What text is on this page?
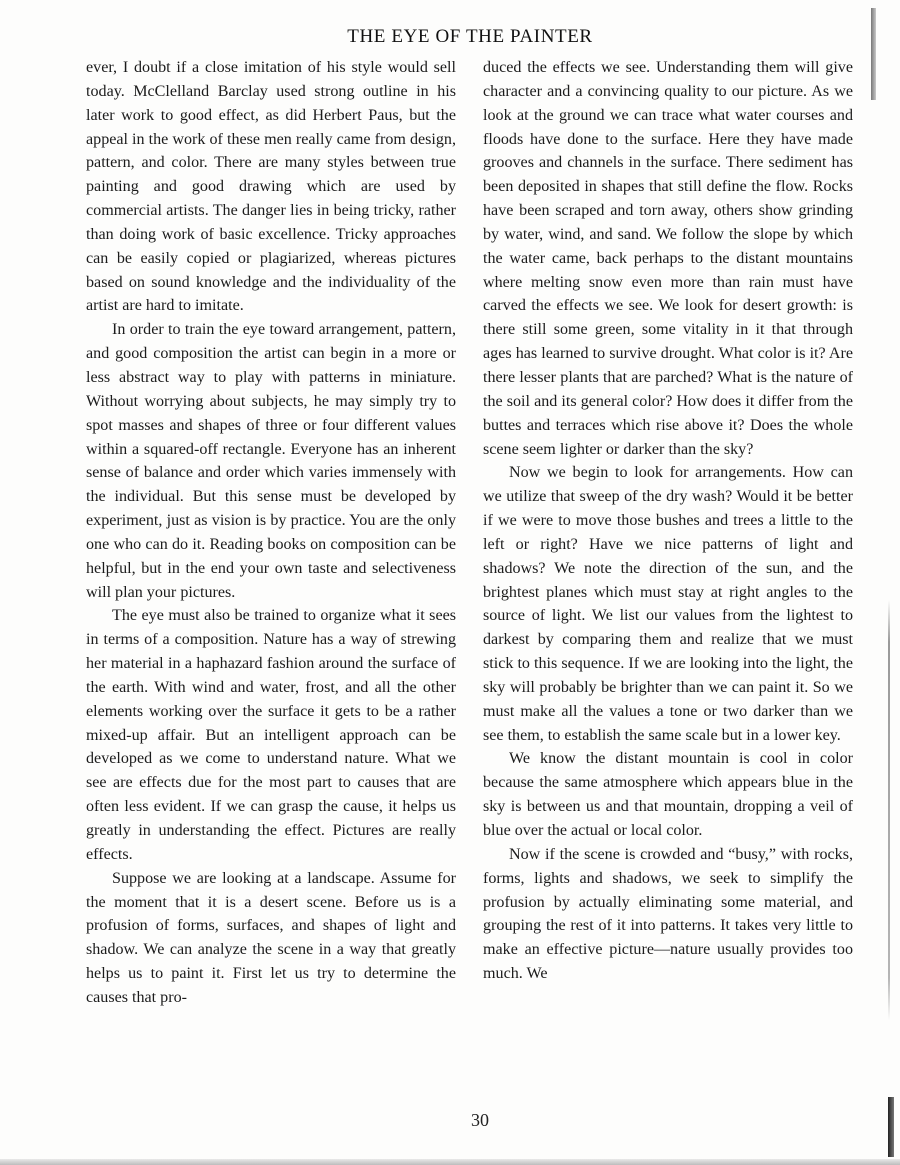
THE EYE OF THE PAINTER

ever, I doubt if a close imitation of his style would sell today. McClelland Barclay used strong outline in his later work to good effect, as did Herbert Paus, but the appeal in the work of these men really came from design, pattern, and color. There are many styles between true painting and good drawing which are used by commercial artists. The danger lies in being tricky, rather than doing work of basic excellence. Tricky approaches can be easily copied or plagiarized, whereas pictures based on sound knowledge and the individuality of the artist are hard to imitate.

In order to train the eye toward arrangement, pattern, and good composition the artist can begin in a more or less abstract way to play with patterns in miniature. Without worrying about subjects, he may simply try to spot masses and shapes of three or four different values within a squared-off rectangle. Everyone has an inherent sense of balance and order which varies immensely with the individual. But this sense must be developed by experiment, just as vision is by practice. You are the only one who can do it. Reading books on composition can be helpful, but in the end your own taste and selectiveness will plan your pictures.

The eye must also be trained to organize what it sees in terms of a composition. Nature has a way of strewing her material in a haphazard fashion around the surface of the earth. With wind and water, frost, and all the other elements working over the surface it gets to be a rather mixed-up affair. But an intelligent approach can be developed as we come to understand nature. What we see are effects due for the most part to causes that are often less evident. If we can grasp the cause, it helps us greatly in understanding the effect. Pictures are really effects.

Suppose we are looking at a landscape. Assume for the moment that it is a desert scene. Before us is a profusion of forms, surfaces, and shapes of light and shadow. We can analyze the scene in a way that greatly helps us to paint it. First let us try to determine the causes that pro-

duced the effects we see. Understanding them will give character and a convincing quality to our picture. As we look at the ground we can trace what water courses and floods have done to the surface. Here they have made grooves and channels in the surface. There sediment has been deposited in shapes that still define the flow. Rocks have been scraped and torn away, others show grinding by water, wind, and sand. We follow the slope by which the water came, back perhaps to the distant mountains where melting snow even more than rain must have carved the effects we see. We look for desert growth: is there still some green, some vitality in it that through ages has learned to survive drought. What color is it? Are there lesser plants that are parched? What is the nature of the soil and its general color? How does it differ from the buttes and terraces which rise above it? Does the whole scene seem lighter or darker than the sky?

Now we begin to look for arrangements. How can we utilize that sweep of the dry wash? Would it be better if we were to move those bushes and trees a little to the left or right? Have we nice patterns of light and shadows? We note the direction of the sun, and the brightest planes which must stay at right angles to the source of light. We list our values from the lightest to darkest by comparing them and realize that we must stick to this sequence. If we are looking into the light, the sky will probably be brighter than we can paint it. So we must make all the values a tone or two darker than we see them, to establish the same scale but in a lower key.

We know the distant mountain is cool in color because the same atmosphere which appears blue in the sky is between us and that mountain, dropping a veil of blue over the actual or local color.

Now if the scene is crowded and “busy,” with rocks, forms, lights and shadows, we seek to simplify the profusion by actually eliminating some material, and grouping the rest of it into patterns. It takes very little to make an effective picture—nature usually provides too much. We

30
